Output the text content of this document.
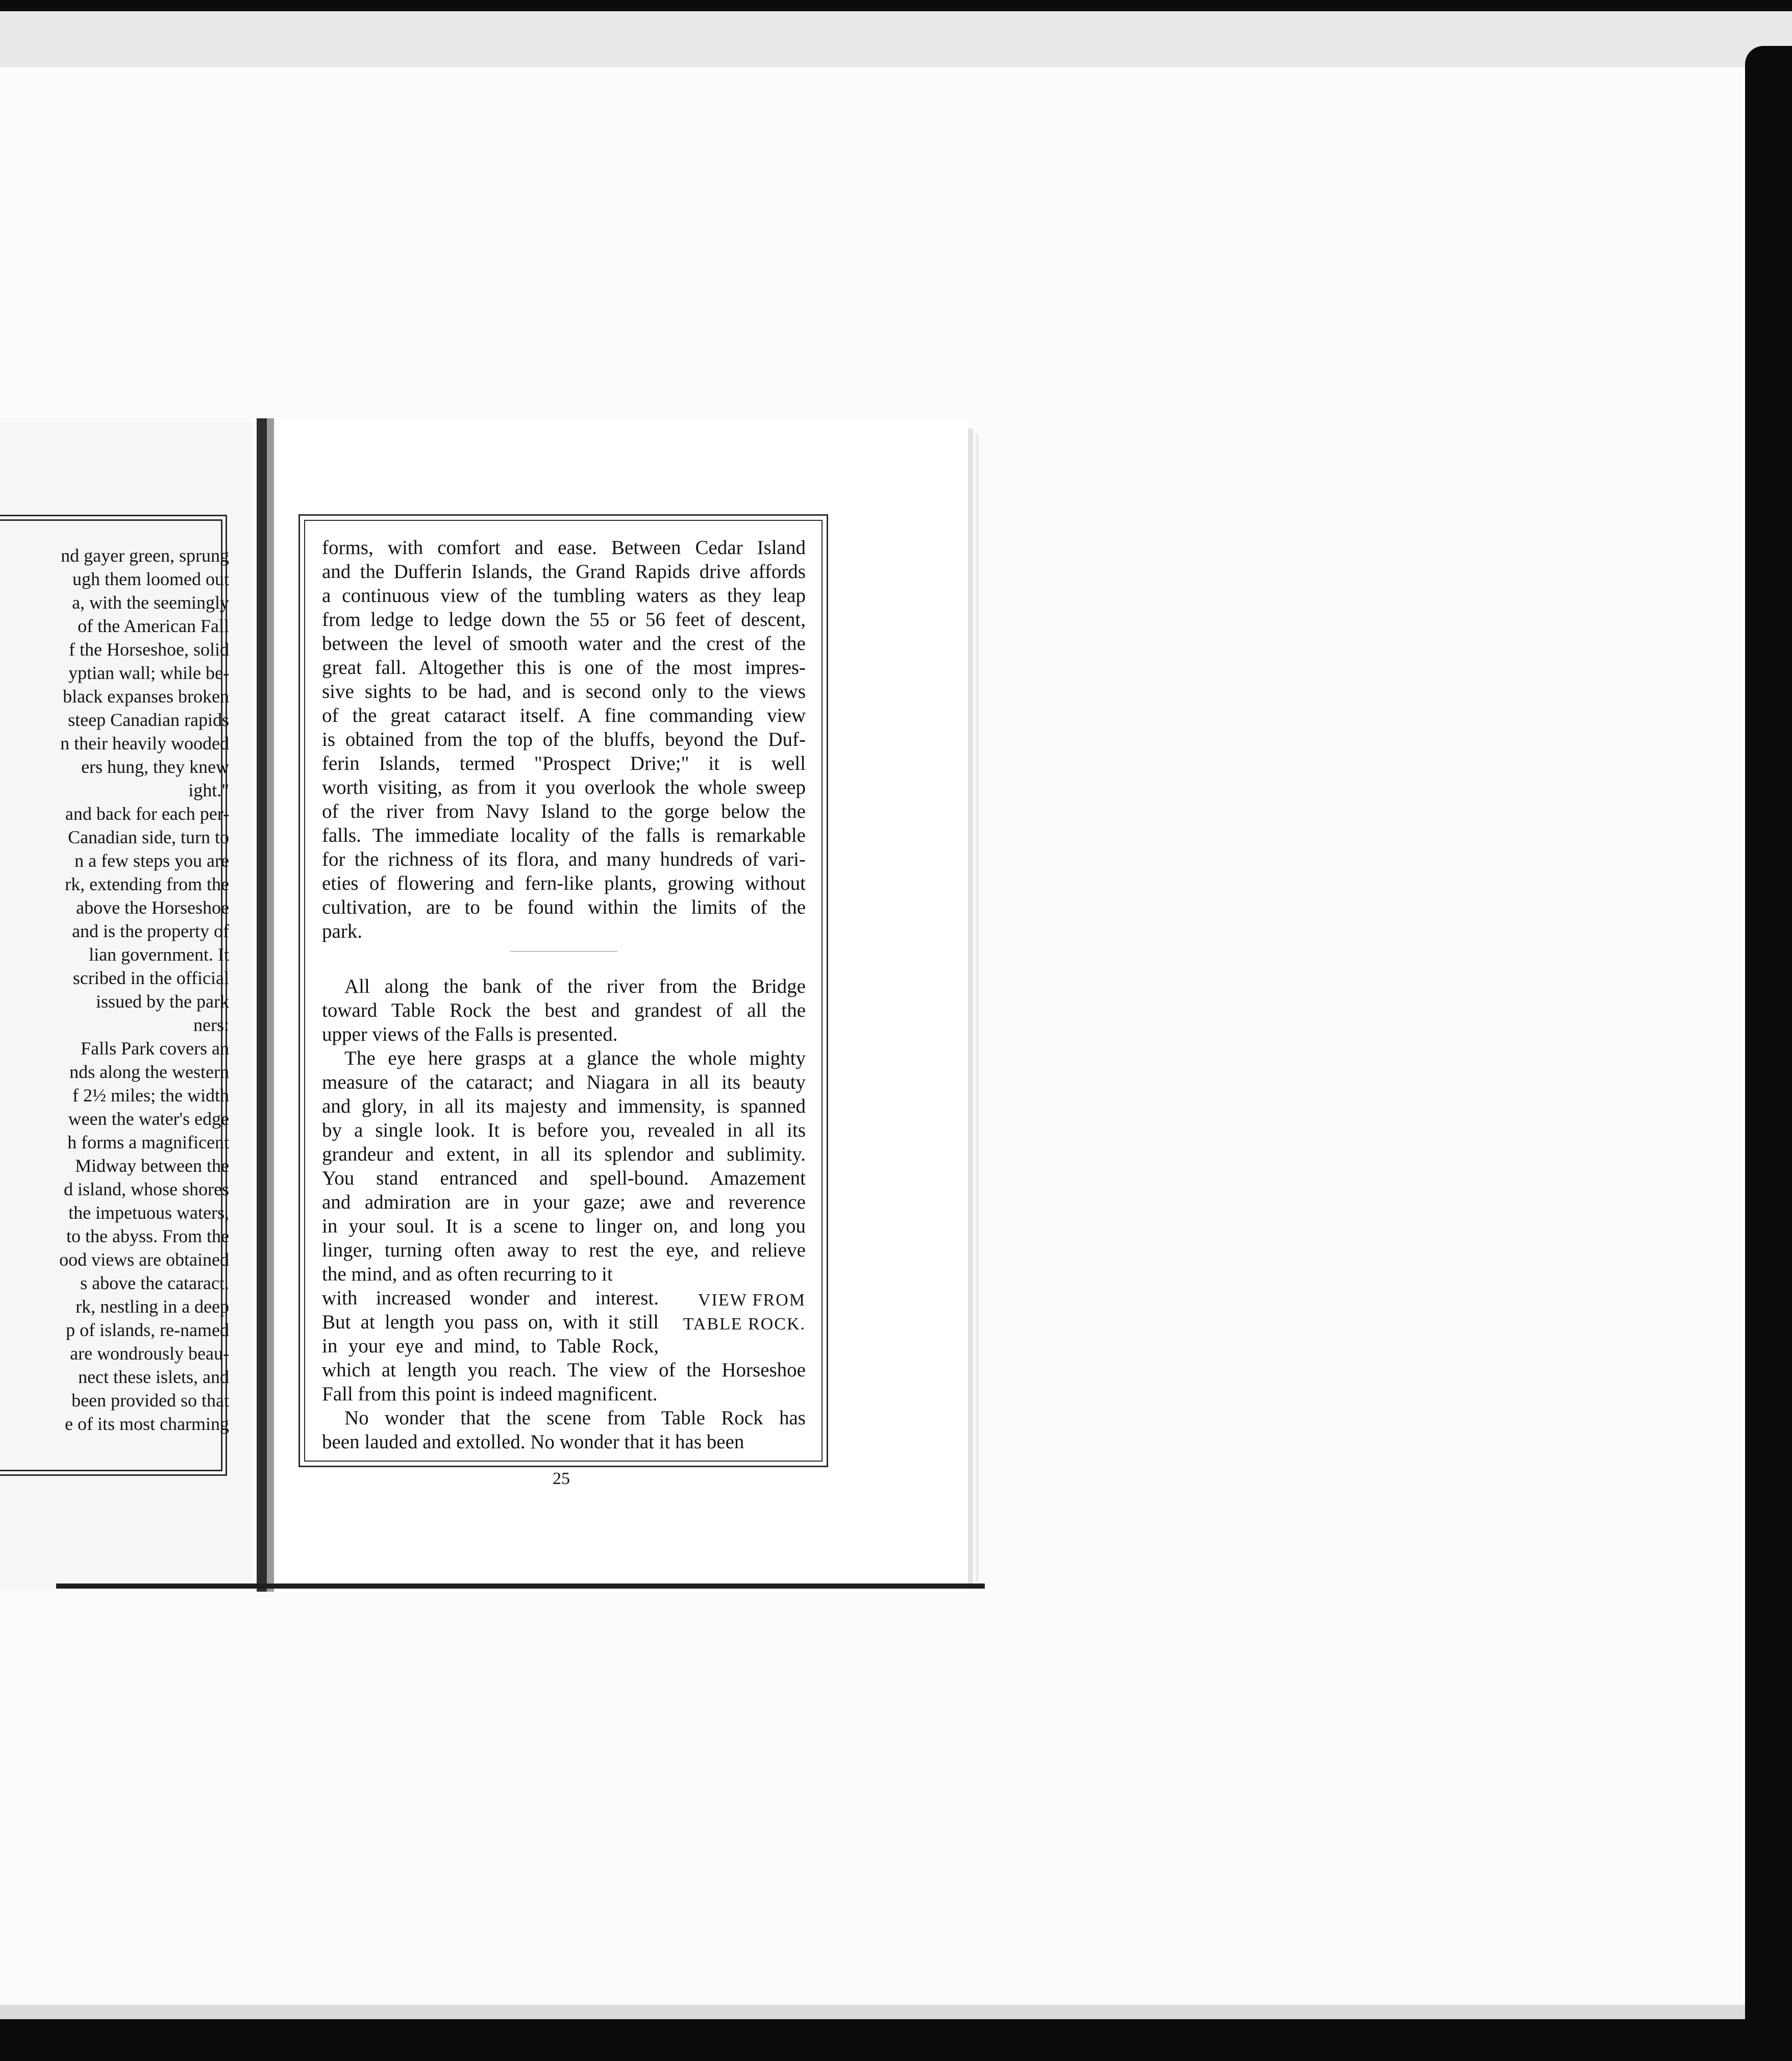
nd gayer green, sprung
ugh them loomed out
a, with the seemingly
of the American Fall
f the Horseshoe, solid
yptian wall; while be-
black expanses broken
steep Canadian rapids
n their heavily wooded
ers hung, they knew
ight."
and back for each per-
Canadian side, turn to
n a few steps you are
rk, extending from the
above the Horseshoe
and is the property of
lian government. It
scribed in the official
issued by the park
ners:
Falls Park covers an
nds along the western
f 2½ miles; the width
ween the water's edge
h forms a magnificent
Midway between the
d island, whose shores
the impetuous waters,
to the abyss. From the
ood views are obtained
s above the cataract.
rk, nestling in a deep
p of islands, re-named
are wondrously beau-
nect these islets, and
been provided so that
e of its most charming
forms, with comfort and ease. Between Cedar Island
and the Dufferin Islands, the Grand Rapids drive affords
a continuous view of the tumbling waters as they leap
from ledge to ledge down the 55 or 56 feet of descent,
between the level of smooth water and the crest of the
great fall. Altogether this is one of the most impres-
sive sights to be had, and is second only to the views
of the great cataract itself. A fine commanding view
is obtained from the top of the bluffs, beyond the Duf-
ferin Islands, termed "Prospect Drive;" it is well
worth visiting, as from it you overlook the whole sweep
of the river from Navy Island to the gorge below the
falls. The immediate locality of the falls is remarkable
for the richness of its flora, and many hundreds of vari-
eties of flowering and fern-like plants, growing without
cultivation, are to be found within the limits of the
park.
All along the bank of the river from the Bridge
toward Table Rock the best and grandest of all the
upper views of the Falls is presented.
The eye here grasps at a glance the whole mighty
measure of the cataract; and Niagara in all its beauty
and glory, in all its majesty and immensity, is spanned
by a single look. It is before you, revealed in all its
grandeur and extent, in all its splendor and sublimity.
You stand entranced and spell-bound. Amazement
and admiration are in your gaze; awe and reverence
in your soul. It is a scene to linger on, and long you
linger, turning often away to rest the eye, and relieve
the mind, and as often recurring to it
with increased wonder and interest.	VIEW FROM
But at length you pass on, with it still	TABLE ROCK.
in your eye and mind, to Table Rock,
which at length you reach. The view of the Horseshoe
Fall from this point is indeed magnificent.
No wonder that the scene from Table Rock has
been lauded and extolled. No wonder that it has been
25
